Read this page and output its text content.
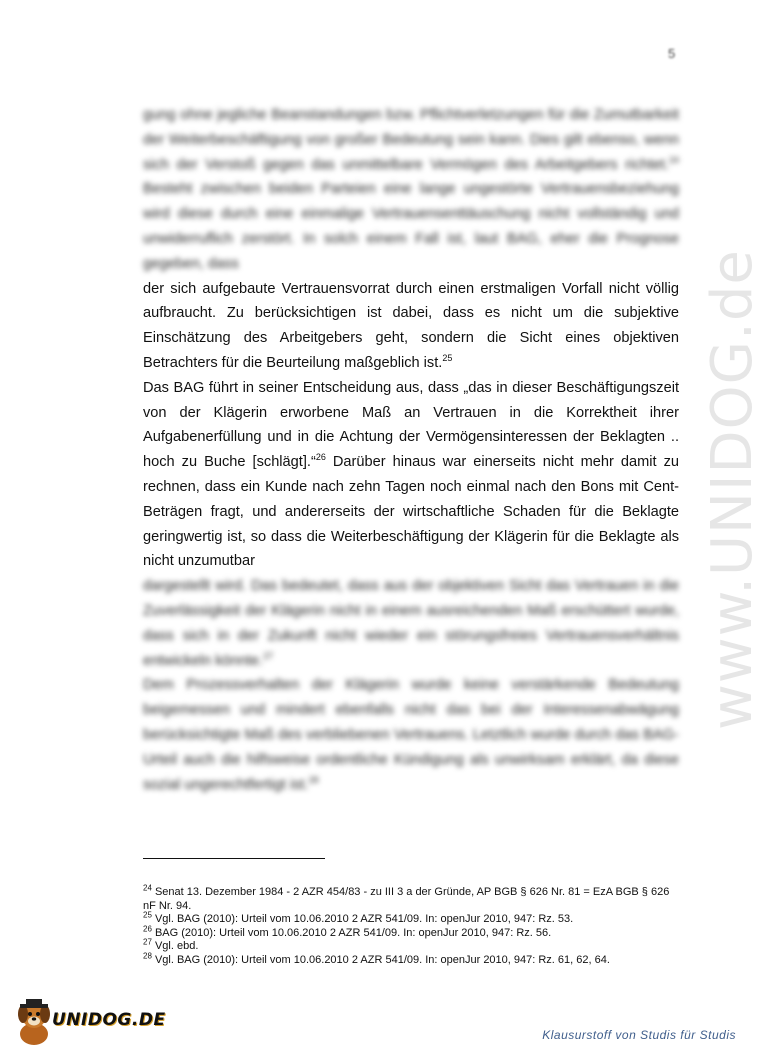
5
www.UNIDOG.de

gung ohne jegliche Beanstandungen bzw. Pflichtverletzungen für die Zumutbarkeit der Weiterbeschäftigung von großer Bedeutung sein kann. Dies gilt ebenso, wenn sich der Verstoß gegen das unmittelbare Vermögen des Arbeitgebers richtet.$^{24}$ Besteht zwischen beiden Parteien eine lange ungestörte Vertrauensbeziehung wird diese durch eine einmalige Vertrauensenttäuschung nicht vollständig und unwiderruflich zerstört. In solch einem Fall ist, laut BAG, eher die Prognose gegeben, dass

der sich aufgebaute Vertrauensvorrat durch einen erstmaligen Vorfall nicht völlig aufbraucht. Zu berücksichtigen ist dabei, dass es nicht um die subjektive Einschätzung des Arbeitgebers geht, sondern die Sicht eines objektiven Betrachters für die Beurteilung maßgeblich ist.$^{25}$

Das BAG führt in seiner Entscheidung aus, dass „das in dieser Beschäftigungszeit von der Klägerin erworbene Maß an Vertrauen in die Korrektheit ihrer Aufgabenerfüllung und in die Achtung der Vermögensinteressen der Beklagten .. hoch zu Buche [schlägt].“$^{26}$ Darüber hinaus war einerseits nicht mehr damit zu rechnen, dass ein Kunde nach zehn Tagen noch einmal nach den Bons mit Cent-Beträgen fragt, und andererseits der wirtschaftliche Schaden für die Beklagte geringwertig ist, so dass die Weiterbeschäftigung der Klägerin für die Beklagte als nicht unzumutbar

dargestellt wird. Das bedeutet, dass aus der objektiven Sicht das Vertrauen in die Zuverlässigkeit der Klägerin nicht in einem ausreichenden Maß erschüttert wurde, dass sich in der Zukunft nicht wieder ein störungsfreies Vertrauensverhältnis entwickeln könnte.$^{27}$

Dem Prozessverhalten der Klägerin wurde keine verstärkende Bedeutung beigemessen und mindert ebenfalls nicht das bei der Interessenabwägung berücksichtigte Maß des verbliebenen Vertrauens. Letztlich wurde durch das BAG-Urteil auch die hilfsweise ordentliche Kündigung als unwirksam erklärt, da diese sozial ungerechtfertigt ist.$^{28}$

$^{24}$ Senat 13. Dezember 1984 - 2 AZR 454/83 - zu III 3 a der Gründe, AP BGB § 626 Nr. 81 = EzA BGB § 626 nF Nr. 94.

$^{25}$ Vgl. BAG (2010): Urteil vom 10.06.2010 2 AZR 541/09. In: openJur 2010, 947: Rz. 53.

$^{26}$ BAG (2010): Urteil vom 10.06.2010 2 AZR 541/09. In: openJur 2010, 947: Rz. 56.

$^{27}$ Vgl. ebd.

$^{28}$ Vgl. BAG (2010): Urteil vom 10.06.2010 2 AZR 541/09. In: openJur 2010, 947: Rz. 61, 62, 64.

UNIDOG.DE
Klausurstoff von Studis für Studis
